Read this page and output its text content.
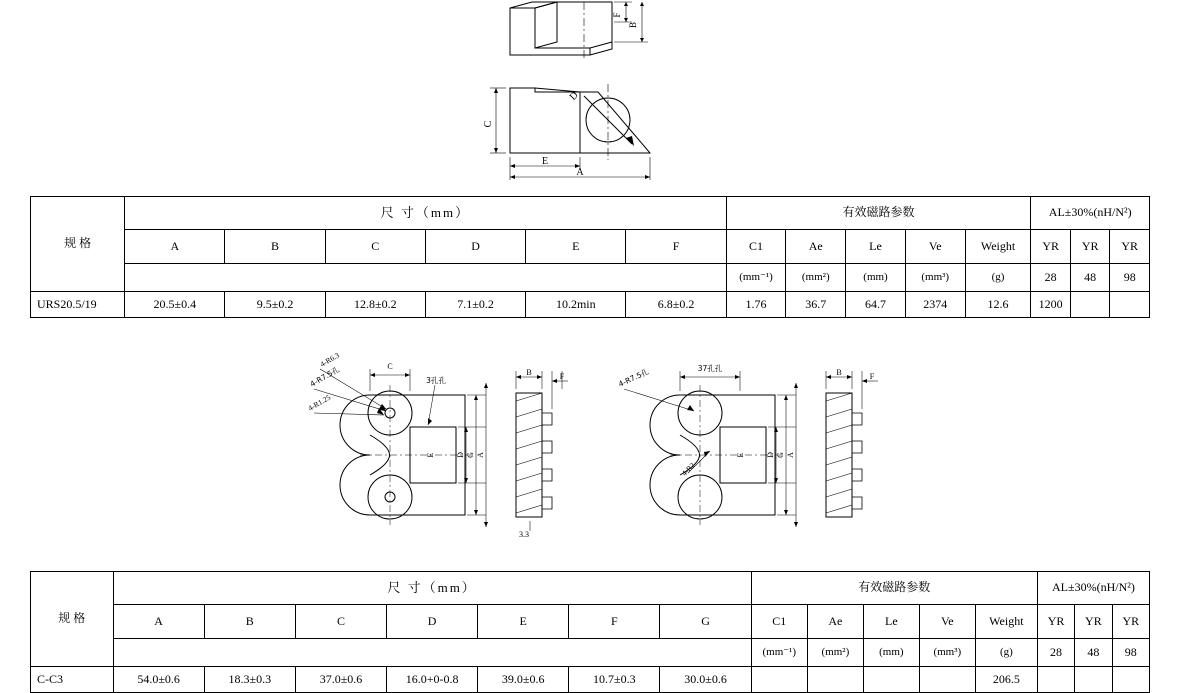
F
B
C
D
E
A
规 格	尺 寸（mm）						有效磁路参数					AL±30%(nH/N²)		
	A	B	C	D	E	F	C1	Ae	Le	Ve	Weight	YR	YR	YR
							(mm⁻¹)	(mm²)	(mm)	(mm³)	(g)	28	48	98
URS20.5/19	20.5±0.4	9.5±0.2	12.8±0.2	7.1±0.2	10.2min	6.8±0.2	1.76	36.7	64.7	2374	12.6	1200		
4-R6.3
4-R7.5孔
4-R1.25
C
3孔孔
D G A
E
B	F
3.3
4-R7.5孔	37孔孔
4-R2
D G A
E
B	F
规 格	尺 寸（mm）							有效磁路参数					AL±30%(nH/N²)		
	A	B	C	D	E	F	G	C1	Ae	Le	Ve	Weight	YR	YR	YR
								(mm⁻¹)	(mm²)	(mm)	(mm³)	(g)	28	48	98
C-C3	54.0±0.6	18.3±0.3	37.0±0.6	16.0+0-0.8	39.0±0.6	10.7±0.3	30.0±0.6					206.5			
